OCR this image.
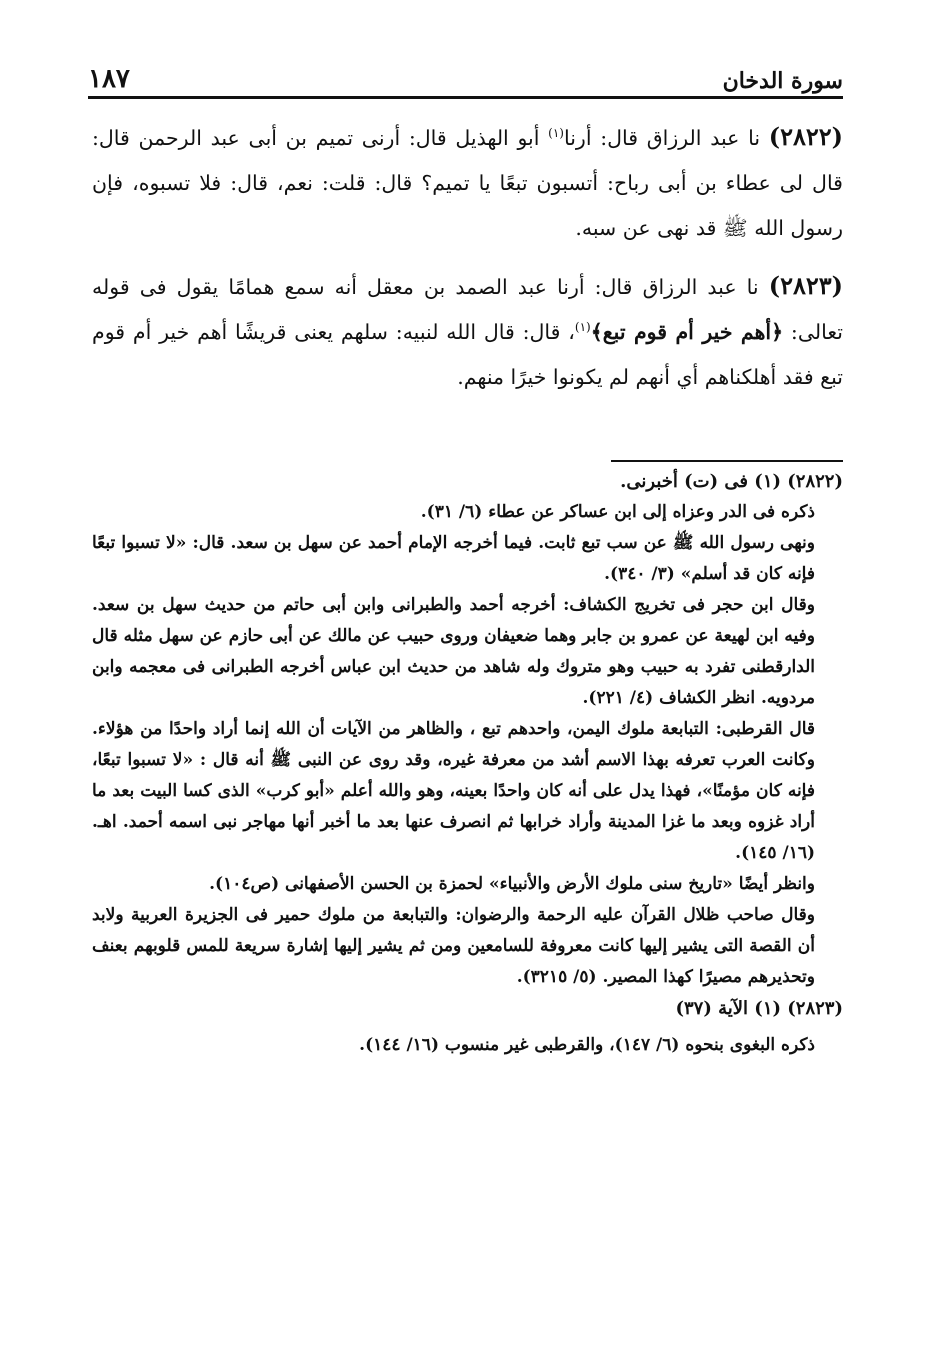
سورة الدخان
١٨٧

(٢٨٢٢) نا عبد الرزاق قال: أرنا$^{(١)}$ أبو الهذيل قال: أرنى تميم بن أبى عبد الرحمن قال: قال لى عطاء بن أبى رباح: أتسبون تبعًا يا تميم؟ قال: قلت: نعم، قال: فلا تسبوه، فإن رسول الله ﷺ قد نهى عن سبه.

(٢٨٢٣) نا عبد الرزاق قال: أرنا عبد الصمد بن معقل أنه سمع همامًا يقول فى قوله تعالى: ﴿أهم خير أم قوم تبع﴾$^{(١)}$، قال: قال الله لنبيه: سلهم يعنى قريشًا أهم خير أم قوم تبع فقد أهلكناهم أي أنهم لم يكونوا خيرًا منهم.

(٢٨٢٢) (١) فى (ت) أخبرنى.

ذكره فى الدر وعزاه إلى ابن عساكر عن عطاء (٦/ ٣١).

ونهى رسول الله ﷺ عن سب تبع ثابت. فيما أخرجه الإمام أحمد عن سهل بن سعد. قال: «لا تسبوا تبعًا فإنه كان قد أسلم» (٣/ ٣٤٠).

وقال ابن حجر فى تخريج الكشاف: أخرجه أحمد والطبرانى وابن أبى حاتم من حديث سهل بن سعد. وفيه ابن لهيعة عن عمرو بن جابر وهما ضعيفان وروى حبيب عن مالك عن أبى حازم عن سهل مثله قال الدارقطنى تفرد به حبيب وهو متروك وله شاهد من حديث ابن عباس أخرجه الطبرانى فى معجمه وابن مردويه. انظر الكشاف (٤/ ٢٢١).

قال القرطبى: التبابعة ملوك اليمن، واحدهم تبع ، والظاهر من الآيات أن الله إنما أراد واحدًا من هؤلاء. وكانت العرب تعرفه بهذا الاسم أشد من معرفة غيره، وقد روى عن النبى ﷺ أنه قال : «لا تسبوا تبعًا، فإنه كان مؤمنًا»، فهذا يدل على أنه كان واحدًا بعينه، وهو والله أعلم «أبو كرب» الذى كسا البيت بعد ما أراد غزوه وبعد ما غزا المدينة وأراد خرابها ثم انصرف عنها بعد ما أخبر أنها مهاجر نبى اسمه أحمد. اهـ. (١٦/ ١٤٥).

وانظر أيضًا «تاريخ سنى ملوك الأرض والأنبياء» لحمزة بن الحسن الأصفهانى (ص١٠٤).

وقال صاحب ظلال القرآن عليه الرحمة والرضوان: والتبابعة من ملوك حمير فى الجزيرة العربية ولابد أن القصة التى يشير إليها كانت معروفة للسامعين ومن ثم يشير إليها إشارة سريعة للمس قلوبهم بعنف وتحذيرهم مصيرًا كهذا المصير. (٥/ ٣٢١٥).

(٢٨٢٣) (١) الآية (٣٧)

ذكره البغوى بنحوه (٦/ ١٤٧)، والقرطبى غير منسوب (١٦/ ١٤٤).
